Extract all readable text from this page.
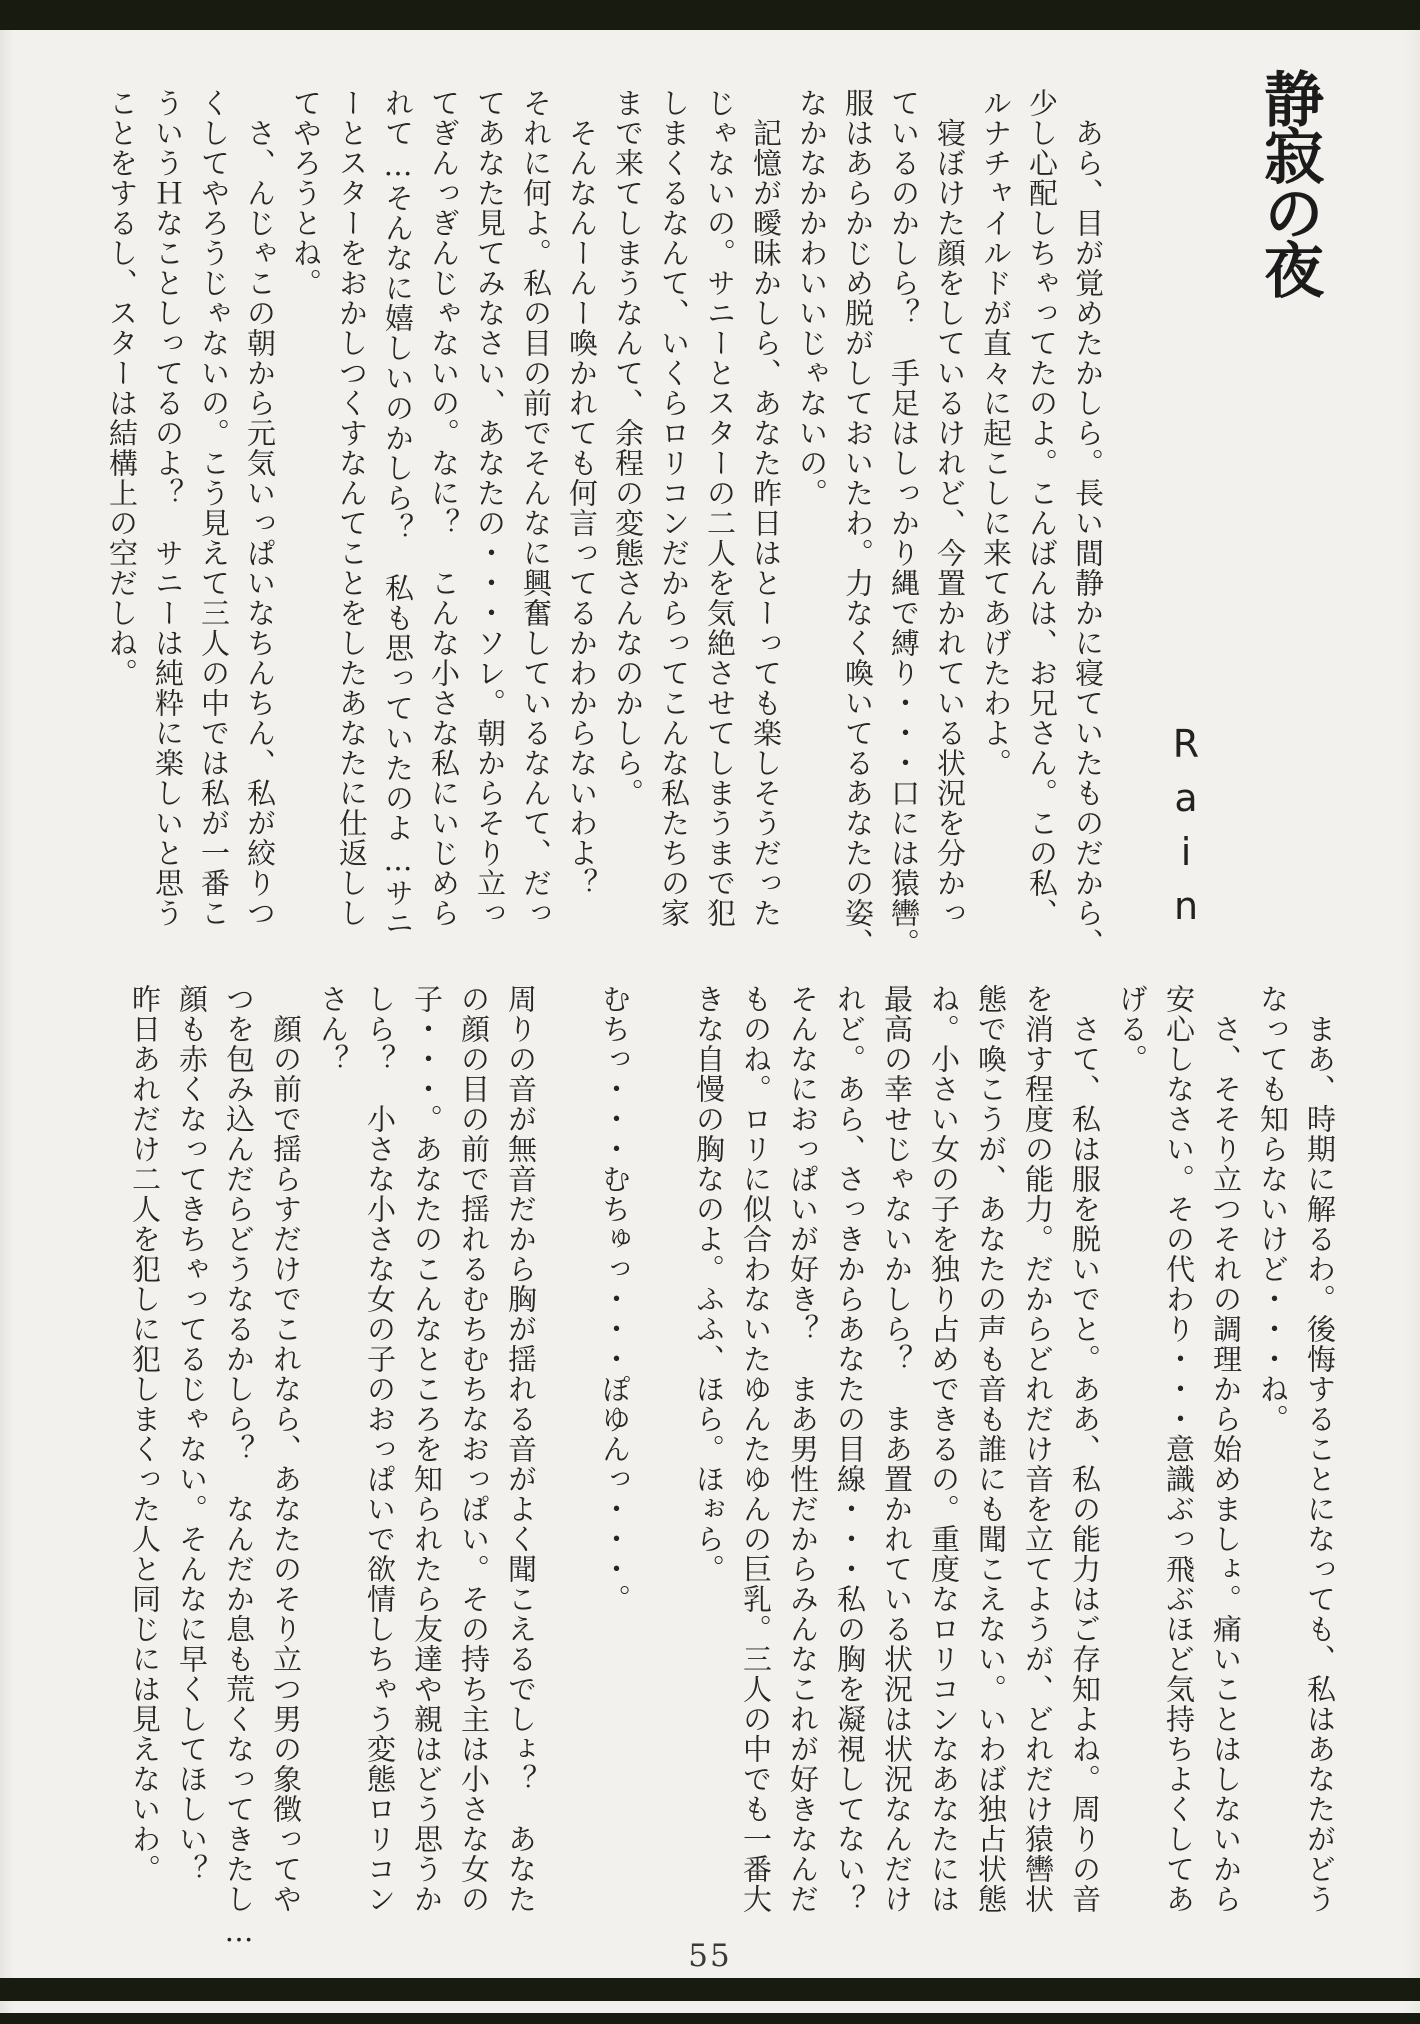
静寂の夜
Rain

　あら、目が覚めたかしら。長い間静かに寝ていたものだから、

少し心配しちゃってたのよ。こんばんは、お兄さん。この私、

ルナチャイルドが直々に起こしに来てあげたわよ。

　寝ぼけた顔をしているけれど、今置かれている状況を分かっ

ているのかしら？　手足はしっかり縄で縛り・・・口には猿轡。

服はあらかじめ脱がしておいたわ。力なく喚いてるあなたの姿、

なかなかかわいいじゃないの。

　記憶が曖昧かしら、あなた昨日はとーっても楽しそうだった

じゃないの。サニーとスターの二人を気絶させてしまうまで犯

しまくるなんて、いくらロリコンだからってこんな私たちの家

まで来てしまうなんて、余程の変態さんなのかしら。

　そんなんーんー喚かれても何言ってるかわからないわよ？

それに何よ。私の目の前でそんなに興奮しているなんて、だっ

てあなた見てみなさい、あなたの・・・ソレ。朝からそり立っ

てぎんっぎんじゃないの。なに？　こんな小さな私にいじめら

れて…そんなに嬉しいのかしら？　私も思っていたのよ…サニ

ーとスターをおかしつくすなんてことをしたあなたに仕返しし

てやろうとね。

　さ、んじゃこの朝から元気いっぱいなちんちん、私が絞りつ

くしてやろうじゃないの。こう見えて三人の中では私が一番こ

ういうＨなことしってるのよ？　サニーは純粋に楽しいと思う

ことをするし、スターは結構上の空だしね。

　まあ、時期に解るわ。後悔することになっても、私はあなたがどう

なっても知らないけど・・・ね。

　さ、そそり立つそれの調理から始めましょ。痛いことはしないから

安心しなさい。その代わり・・・意識ぶっ飛ぶほど気持ちよくしてあ

げる。

　さて、私は服を脱いでと。ああ、私の能力はご存知よね。周りの音

を消す程度の能力。だからどれだけ音を立てようが、どれだけ猿轡状

態で喚こうが、あなたの声も音も誰にも聞こえない。いわば独占状態

ね。小さい女の子を独り占めできるの。重度なロリコンなあなたには

最高の幸せじゃないかしら？　まあ置かれている状況は状況なんだけ

れど。あら、さっきからあなたの目線・・・私の胸を凝視してない？

そんなにおっぱいが好き？　まあ男性だからみんなこれが好きなんだ

ものね。ロリに似合わないたゆんたゆんの巨乳。三人の中でも一番大

きな自慢の胸なのよ。ふふ、ほら。ほぉら。

むちっ・・・むちゅっ・・・ぽゆんっ・・・。

周りの音が無音だから胸が揺れる音がよく聞こえるでしょ？　あなた

の顔の目の前で揺れるむちむちなおっぱい。その持ち主は小さな女の

子・・・。あなたのこんなところを知られたら友達や親はどう思うか

しら？　小さな小さな女の子のおっぱいで欲情しちゃう変態ロリコン

さん？

　顔の前で揺らすだけでこれなら、あなたのそり立つ男の象徴ってや

つを包み込んだらどうなるかしら？　なんだか息も荒くなってきたし…

顔も赤くなってきちゃってるじゃない。そんなに早くしてほしい？

昨日あれだけ二人を犯しに犯しまくった人と同じには見えないわ。

55
